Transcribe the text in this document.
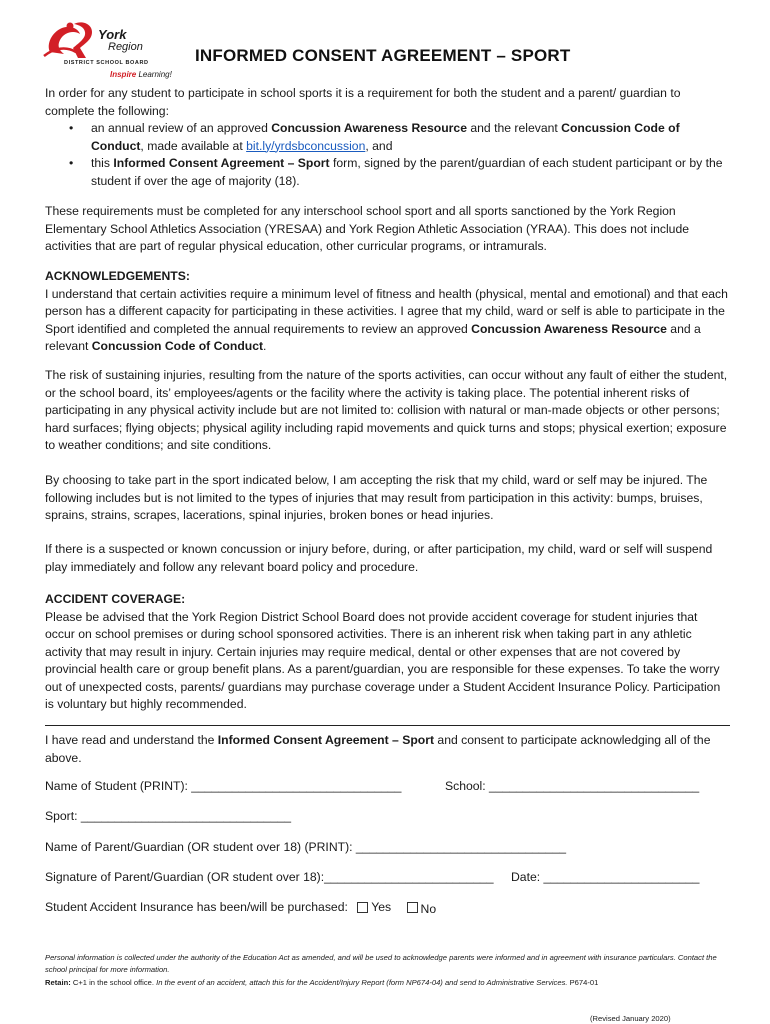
York
Region
DISTRICT SCHOOL BOARD
Inspire Learning!
INFORMED CONSENT AGREEMENT – SPORT

In order for any student to participate in school sports it is a requirement for both the student and a parent/ guardian to complete the following:

• an annual review of an approved Concussion Awareness Resource and the relevant Concussion Code of Conduct, made available at bit.ly/yrdsbconcussion, and
• this Informed Consent Agreement – Sport form, signed by the parent/guardian of each student participant or by the student if over the age of majority (18).
These requirements must be completed for any interschool school sport and all sports sanctioned by the York Region Elementary School Athletics Association (YRESAA) and York Region Athletic Association (YRAA). This does not include activities that are part of regular physical education, other curricular programs, or intramurals.

ACKNOWLEDGEMENTS:

I understand that certain activities require a minimum level of fitness and health (physical, mental and emotional) and that each person has a different capacity for participating in these activities. I agree that my child, ward or self is able to participate in the Sport identified and completed the annual requirements to review an approved Concussion Awareness Resource and a relevant Concussion Code of Conduct.

The risk of sustaining injuries, resulting from the nature of the sports activities, can occur without any fault of either the student, or the school board, its’ employees/agents or the facility where the activity is taking place. The potential inherent risks of participating in any physical activity include but are not limited to: collision with natural or man-made objects or other persons; hard surfaces; flying objects; physical agility including rapid movements and quick turns and stops; physical exertion; exposure to weather conditions; and site conditions.
By choosing to take part in the sport indicated below, I am accepting the risk that my child, ward or self may be injured. The following includes but is not limited to the types of injuries that may result from participation in this activity: bumps, bruises, sprains, strains, scrapes, lacerations, spinal injuries, broken bones or head injuries.
If there is a suspected or known concussion or injury before, during, or after participation, my child, ward or self will suspend play immediately and follow any relevant board policy and procedure.

ACCIDENT COVERAGE:

Please be advised that the York Region District School Board does not provide accident coverage for student injuries that occur on school premises or during school sponsored activities. There is an inherent risk when taking part in any athletic activity that may result in injury. Certain injuries may require medical, dental or other expenses that are not covered by provincial health care or group benefit plans. As a parent/guardian, you are responsible for these expenses. To take the worry out of unexpected costs, parents/ guardians may purchase coverage under a Student Accident Insurance Policy. Participation is voluntary but highly recommended.

I have read and understand the Informed Consent Agreement – Sport and consent to participate acknowledging all of the above.
Name of Student (PRINT): _______________________________	School: _______________________________
Sport: _______________________________
Name of Parent/Guardian (OR student over 18) (PRINT): _______________________________
Signature of Parent/Guardian (OR student over 18):_________________________ Date: _______________________
Student Accident Insurance has been/will be purchased: Yes No
Personal information is collected under the authority of the Education Act as amended, and will be used to acknowledge parents were informed and in agreement with insurance particulars. Contact the school principal for more information.
Retain: C+1 in the school office. In the event of an accident, attach this for the Accident/Injury Report (form NP674-04) and send to Administrative Services. P674-01
(Revised January 2020)
